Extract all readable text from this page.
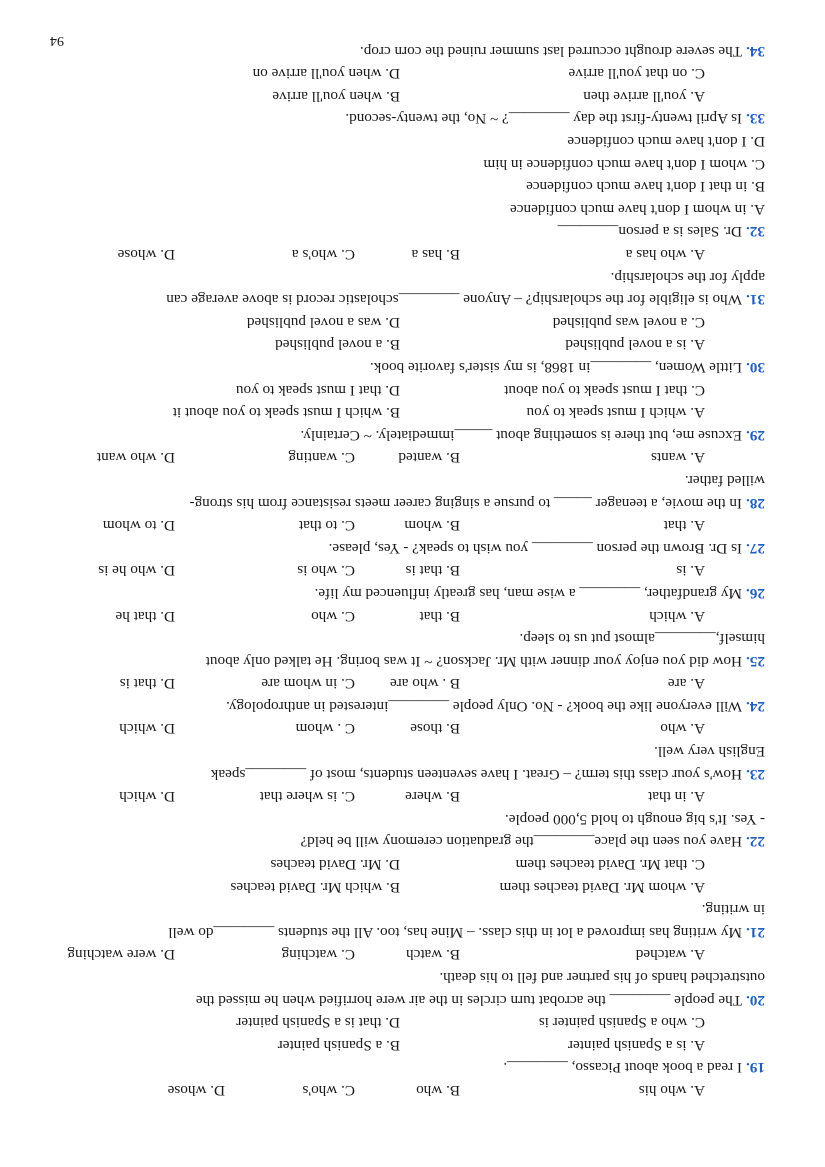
A. who his
B. who
C. who's
D. whose
19.I read a book about Picasso, ________.
A. is a Spanish painter
B. a Spanish painter
C. who a Spanish painter is
D. that is a Spanish painter
20.The people ________ the acrobat turn circles in the air were horrified when he missed the
outstretched hands of his partner and fell to his death.
A. watched
B. watch
C. watching
D. were watching
21.My writing has improved a lot in this class. – Mine has, too. All the students ________do well
in writing.
A. whom Mr. David teaches them
B. which Mr. David teaches
C. that Mr. David teaches them
D. Mr. David teaches
22.Have you seen the place________the graduation ceremony will be held?
- Yes. It's big enough to hold 5,000 people.
A. in that
B. where
C. is where that
D. which
23.How's your class this term? – Great. I have seventeen students, most of ________speak
English very well.
A. who
B. those
C . whom
D. which
24.Will everyone like the book? - No. Only people ________interested in anthropology.
A. are
B . who are
C. in whom are
D. that is
25.How did you enjoy your dinner with Mr. Jackson? ~ It was boring. He talked only about
himself,________almost put us to sleep.
A. which
B. that
C. who
D. that he
26.My grandfather, ________ a wise man, has greatly influenced my life.
A. is
B. that is
C. who is
D. who he is
27.Is Dr. Brown the person ________ you wish to speak? - Yes, please.
A. that
B. whom
C. to that
D. to whom
28.In the movie, a teenager _____ to pursue a singing career meets resistance from his strong-
willed father.
A. wants
B. wanted
C. wanting
D. who want
29.Excuse me, but there is something about _____immediately. ~ Certainly.
A. which I must speak to you
B. which I must speak to you about it
C. that I must speak to you about
D. that I must speak to you
30.Little Women, ________in 1868, is my sister's favorite book.
A. is a novel published
B. a novel published
C. a novel was published
D. was a novel published
31.Who is eligible for the scholarship? – Anyone ________scholastic record is above average can
apply for the scholarship.
A. who has a
B. has a
C. who's a
D. whose
32.Dr. Sales is a person________
A. in whom I don't have much confidence
B. in that I don't have much confidence
C. whom I don't have much confidence in him
D. I don't have much confidence
33.Is April twenty-first the day ________? ~ No, the twenty-second.
A. you'll arrive then
B. when you'll arrive
C. on that you'll arrive
D. when you'll arrive on
34.The severe drought occurred last summer ruined the corn crop.
94
